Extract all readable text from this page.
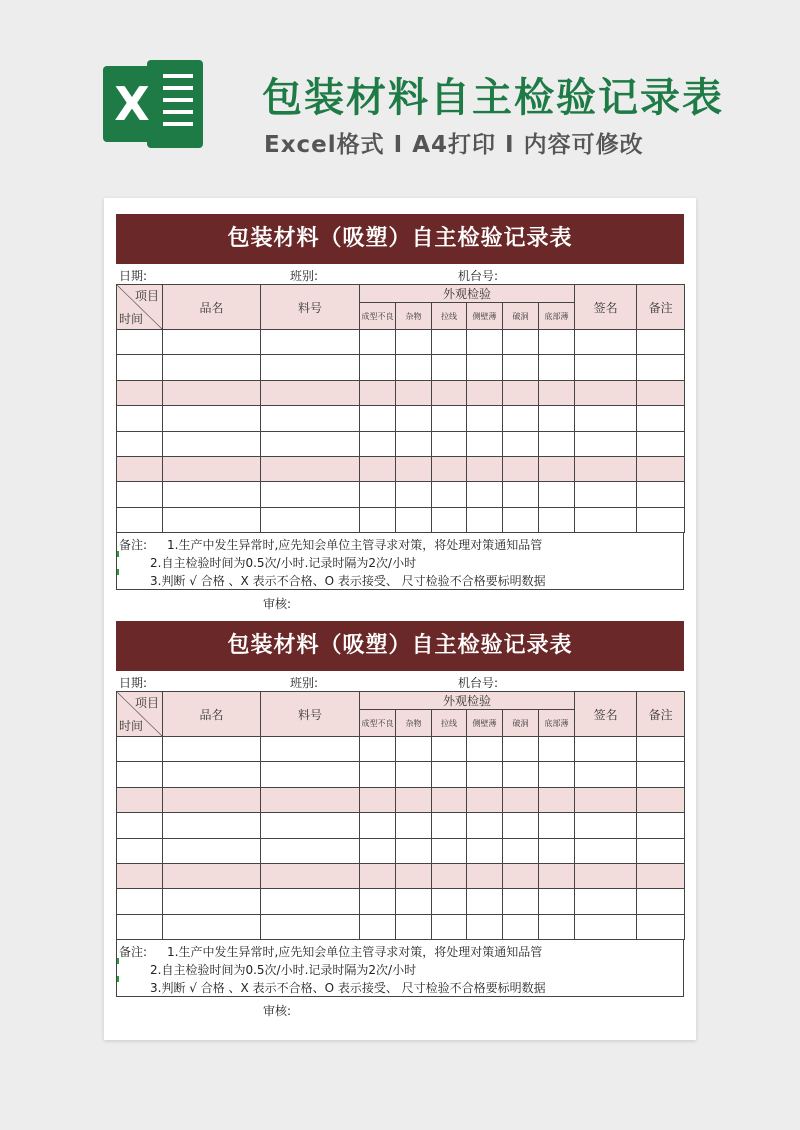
X	包装材料自主检验记录表
Excel格式 I A4打印 I 内容可修改
包装材料（吸塑）自主检验记录表
日期:	班别:	机台号:
项目
时间	品名	料号	外观检验						签名	备注
			成型不良	杂物	拉线	侧壁薄	破洞	底部薄		

备注: 1.生产中发生异常时,应先知会单位主管寻求对策，将处理对策通知品管
2.自主检验时间为0.5次/小时.记录时隔为2次/小时
3.判断 √ 合格 、X 表示不合格、O 表示接受、 尺寸检验不合格要标明数据
审核:
包装材料（吸塑）自主检验记录表
日期:	班别:	机台号:
项目
时间	品名	料号	外观检验						签名	备注
			成型不良	杂物	拉线	侧壁薄	破洞	底部薄		

备注: 1.生产中发生异常时,应先知会单位主管寻求对策，将处理对策通知品管
2.自主检验时间为0.5次/小时.记录时隔为2次/小时
3.判断 √ 合格 、X 表示不合格、O 表示接受、 尺寸检验不合格要标明数据
审核:
